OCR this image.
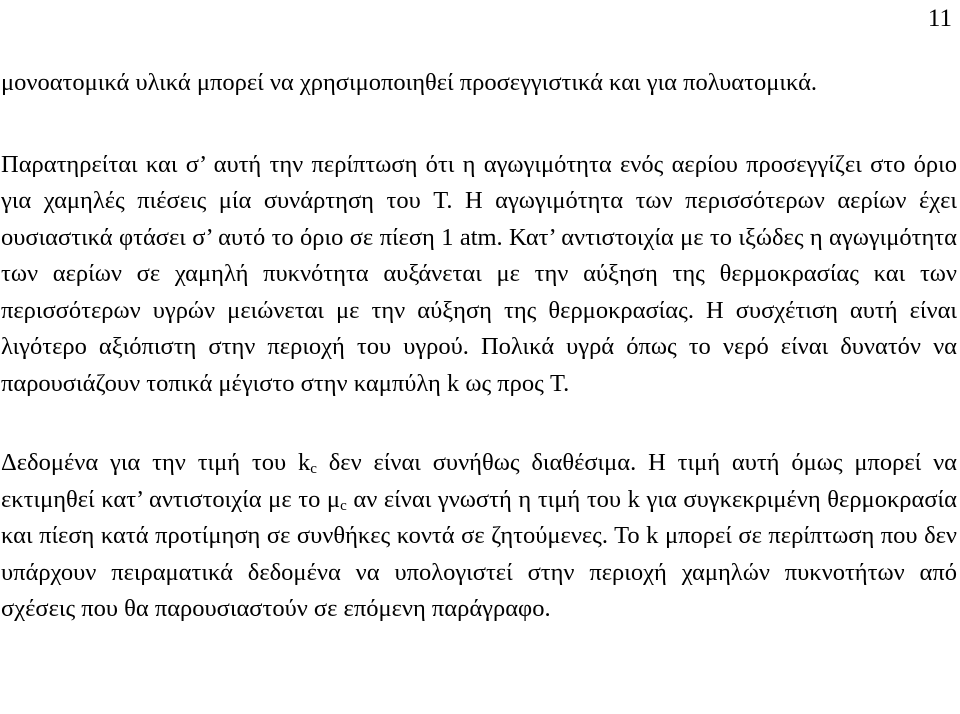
11

μονοατομικά υλικά μπορεί να χρησιμοποιηθεί προσεγγιστικά και για πολυατομικά.

Παρατηρείται και σ’ αυτή την περίπτωση ότι η αγωγιμότητα ενός αερίου προσεγγίζει στο όριο για χαμηλές πιέσεις μία συνάρτηση του T. Η αγωγιμότητα των περισσότερων αερίων έχει ουσιαστικά φτάσει σ’ αυτό το όριο σε πίεση 1 atm. Κατ’ αντιστοιχία με το ιξώδες η αγωγιμότητα των αερίων σε χαμηλή πυκνότητα αυξάνεται με την αύξηση της θερμοκρασίας και των περισσότερων υγρών μειώνεται με την αύξηση της θερμοκρασίας. Η συσχέτιση αυτή είναι λιγότερο αξιόπιστη στην περιοχή του υγρού. Πολικά υγρά όπως το νερό είναι δυνατόν να παρουσιάζουν τοπικά μέγιστο στην καμπύλη k ως προς T.

Δεδομένα για την τιμή του $k_c$ δεν είναι συνήθως διαθέσιμα. Η τιμή αυτή όμως μπορεί να εκτιμηθεί κατ’ αντιστοιχία με το $\mu_c$ αν είναι γνωστή η τιμή του k για συγκεκριμένη θερμοκρασία και πίεση κατά προτίμηση σε συνθήκες κοντά σε ζητούμενες. Το k μπορεί σε περίπτωση που δεν υπάρχουν πειραματικά δεδομένα να υπολογιστεί στην περιοχή χαμηλών πυκνοτήτων από σχέσεις που θα παρουσιαστούν σε επόμενη παράγραφο.
